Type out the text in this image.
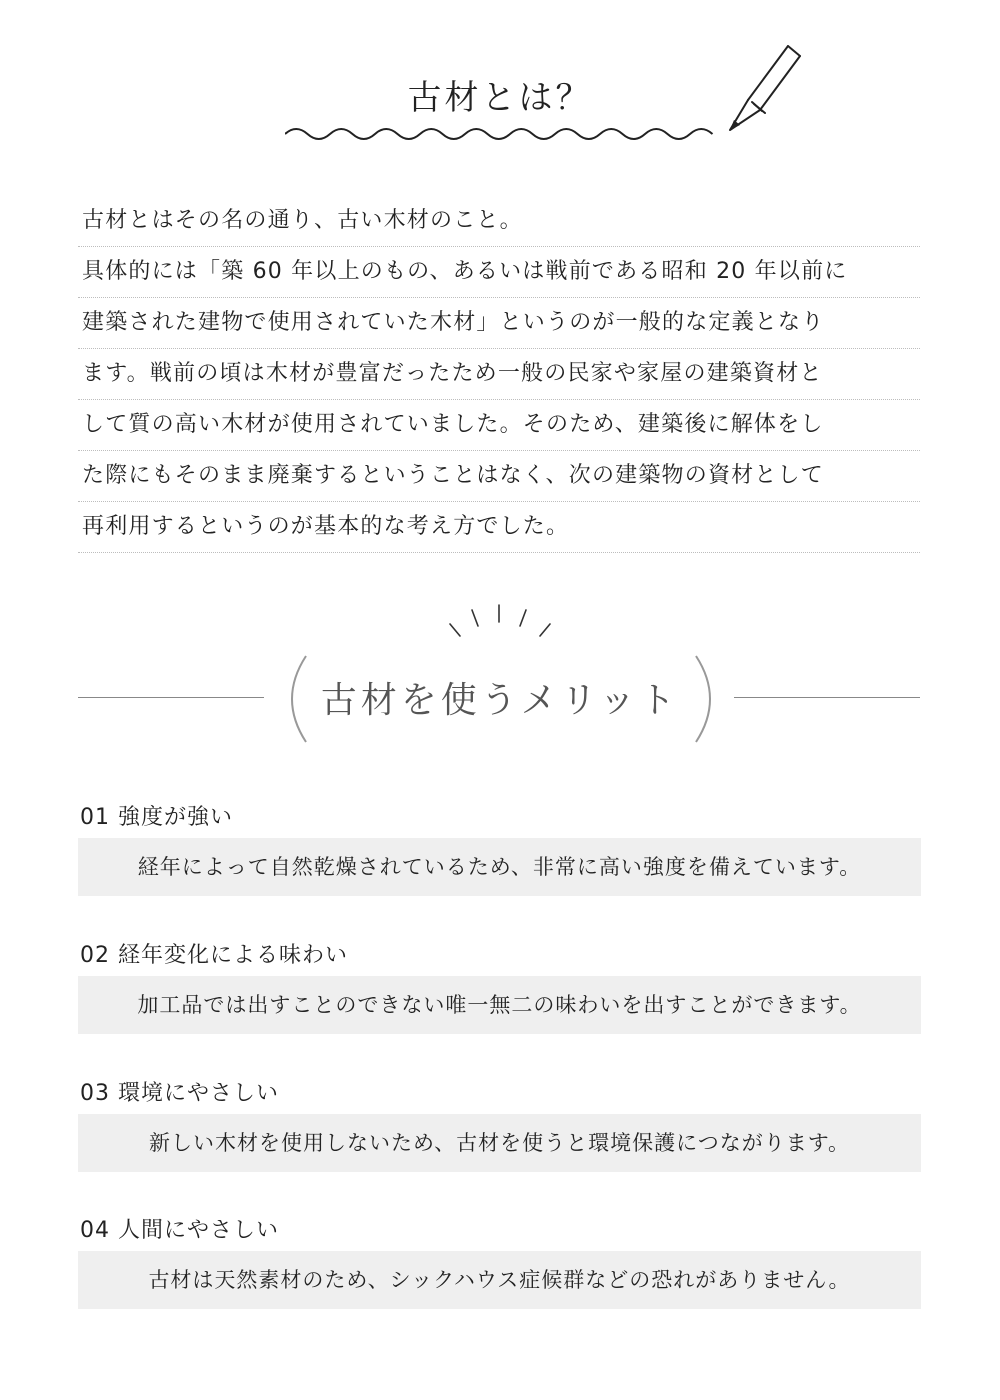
古材とは？
古材とはその名の通り、古い木材のこと。
具体的には「築 60 年以上のもの、あるいは戦前である昭和 20 年以前に
建築された建物で使用されていた木材」というのが一般的な定義となり
ます。戦前の頃は木材が豊富だったため一般の民家や家屋の建築資材と
して質の高い木材が使用されていました。そのため、建築後に解体をし
た際にもそのまま廃棄するということはなく、次の建築物の資材として
再利用するというのが基本的な考え方でした。
古材を使うメリット
01 強度が強い
経年によって自然乾燥されているため、非常に高い強度を備えています。
02 経年変化による味わい
加工品では出すことのできない唯一無二の味わいを出すことができます。
03 環境にやさしい
新しい木材を使用しないため、古材を使うと環境保護につながります。
04 人間にやさしい
古材は天然素材のため、シックハウス症候群などの恐れがありません。
